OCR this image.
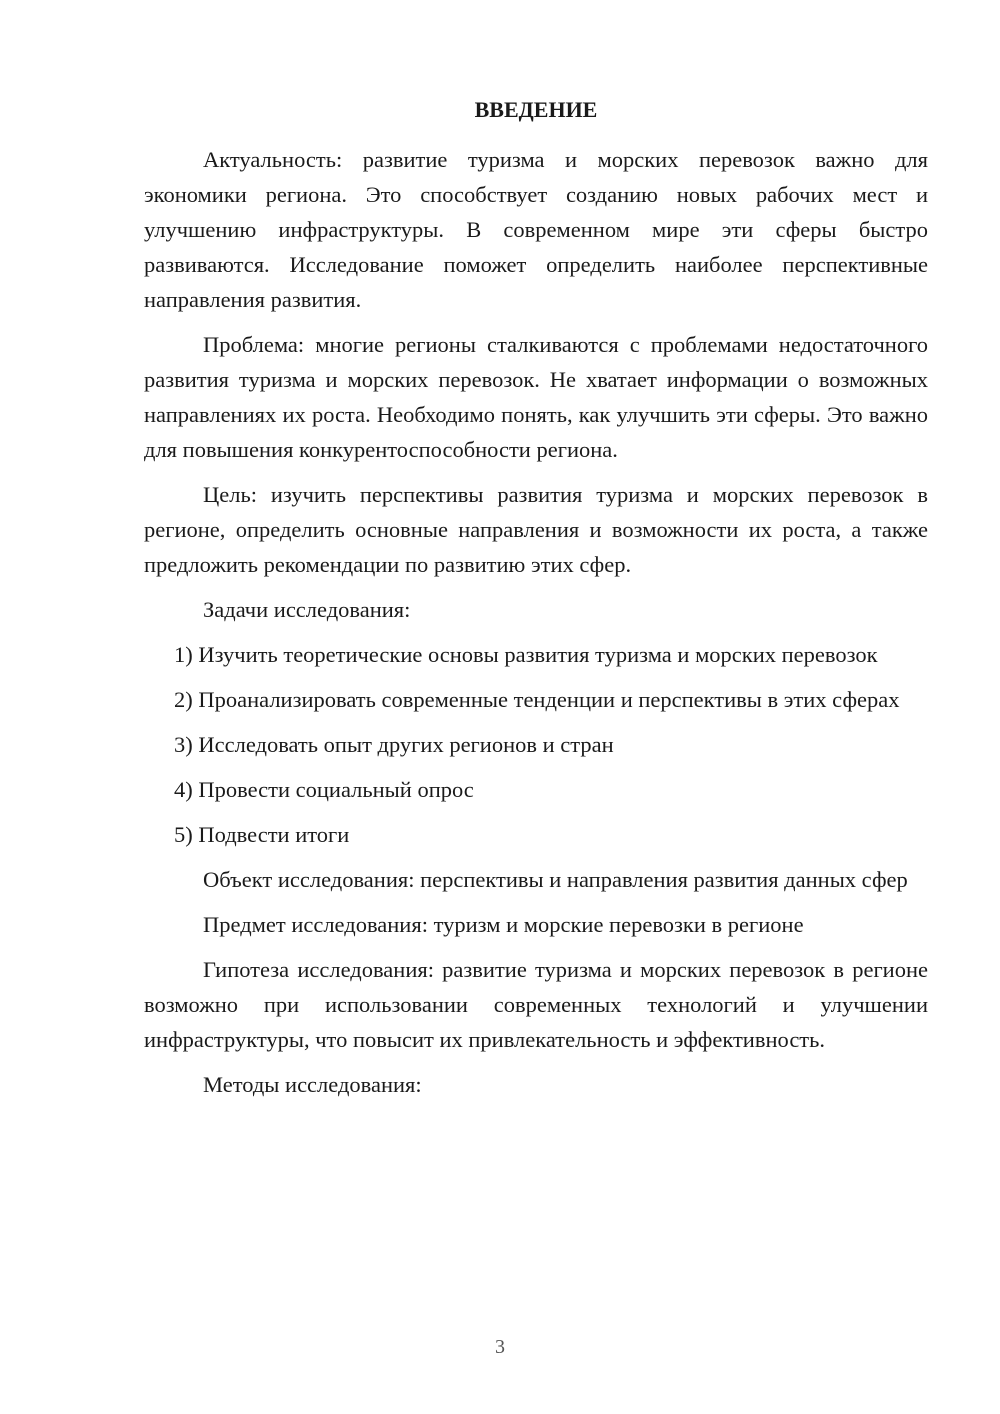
ВВЕДЕНИЕ

Актуальность: развитие туризма и морских перевозок важно для экономики региона. Это способствует созданию новых рабочих мест и улучшению инфраструктуры. В современном мире эти сферы быстро развиваются. Исследование поможет определить наиболее перспективные направления развития.

Проблема: многие регионы сталкиваются с проблемами недостаточного развития туризма и морских перевозок. Не хватает информации о возможных направлениях их роста. Необходимо понять, как улучшить эти сферы. Это важно для повышения конкурентоспособности региона.

Цель: изучить перспективы развития туризма и морских перевозок в регионе, определить основные направления и возможности их роста, а также предложить рекомендации по развитию этих сфер.

Задачи исследования:

1) Изучить теоретические основы развития туризма и морских перевозок

2) Проанализировать современные тенденции и перспективы в этих сферах

3) Исследовать опыт других регионов и стран

4) Провести социальный опрос

5) Подвести итоги

Объект исследования: перспективы и направления развития данных сфер

Предмет исследования: туризм и морские перевозки в регионе

Гипотеза исследования: развитие туризма и морских перевозок в регионе возможно при использовании современных технологий и улучшении инфраструктуры, что повысит их привлекательность и эффективность.

Методы исследования:

3
